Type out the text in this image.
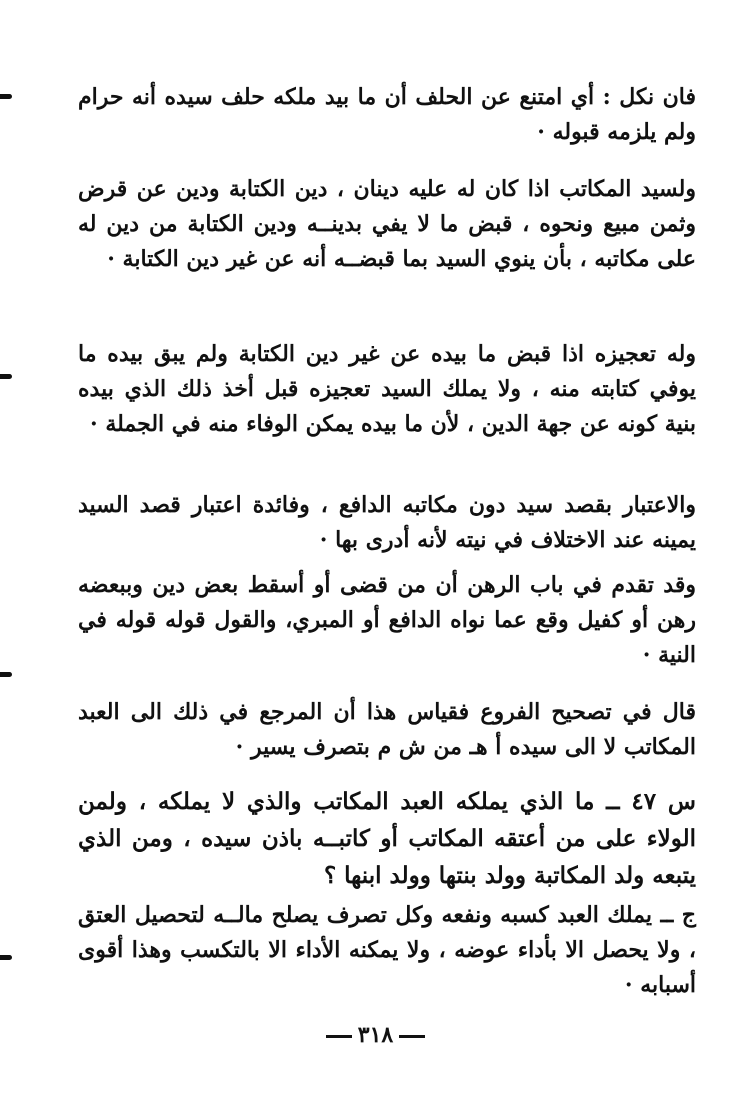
فان نكل : أي امتنع عن الحلف أن ما بيد ملكه حلف سيده أنه حرام ولم يلزمه قبوله ·

ولسيد المكاتب اذا كان له عليه دينان ، دين الكتابة ودين عن قرض وثمن مبيع ونحوه ، قبض ما لا يفي بدينــه ودين الكتابة من دين له على مكاتبه ، بأن ينوي السيد بما قبضــه أنه عن غير دين الكتابة ·

وله تعجيزه اذا قبض ما بيده عن غير دين الكتابة ولم يبق بيده ما يوفي كتابته منه ، ولا يملك السيد تعجيزه قبل أخذ ذلك الذي بيده بنية كونه عن جهة الدين ، لأن ما بيده يمكن الوفاء منه في الجملة ·

والاعتبار بقصد سيد دون مكاتبه الدافع ، وفائدة اعتبار قصد السيد يمينه عند الاختلاف في نيته لأنه أدرى بها ·

وقد تقدم في باب الرهن أن من قضى أو أسقط بعض دين وببعضه رهن أو كفيل وقع عما نواه الدافع أو المبري، والقول قوله قوله في النية ·

قال في تصحيح الفروع فقياس هذا أن المرجع في ذلك الى العبد المكاتب لا الى سيده أ هـ من ش م بتصرف يسير ·

س ٤٧ ــ ما الذي يملكه العبد المكاتب والذي لا يملكه ، ولمن الولاء على من أعتقه المكاتب أو كاتبــه باذن سيده ، ومن الذي يتبعه ولد المكاتبة وولد بنتها وولد ابنها ؟

ج ــ يملك العبد كسبه ونفعه وكل تصرف يصلح مالــه لتحصيل العتق ، ولا يحصل الا بأداء عوضه ، ولا يمكنه الأداء الا بالتكسب وهذا أقوى أسبابه ·

٣١٨
